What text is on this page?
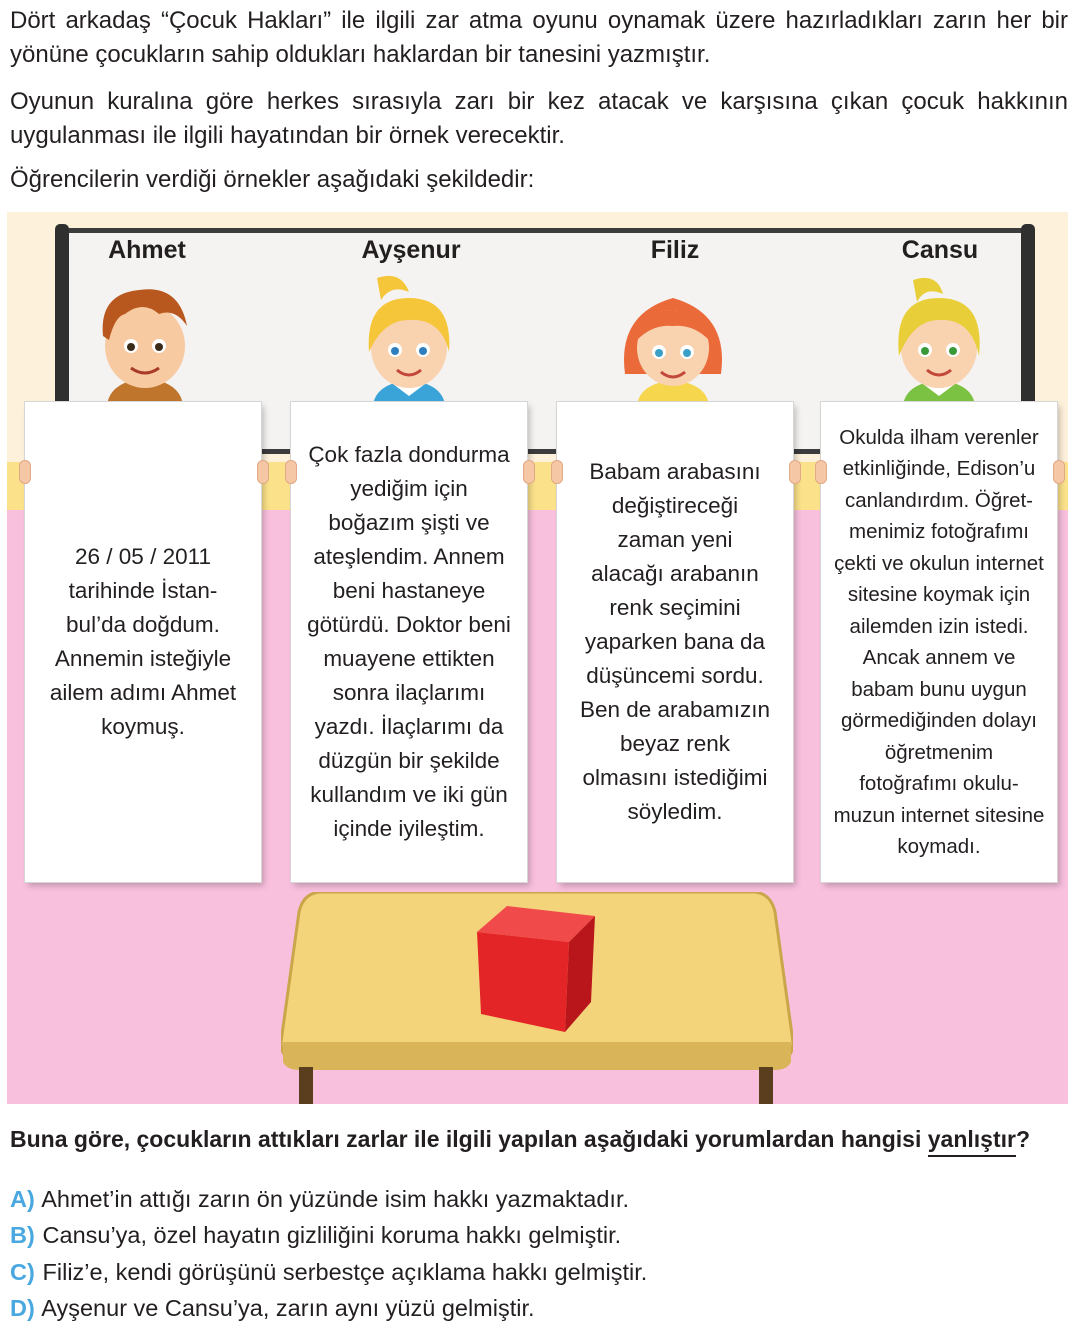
Dört arkadaş “Çocuk Hakları” ile ilgili zar atma oyunu oynamak üzere hazırladıkları zarın her bir yönüne çocukların sahip oldukları haklardan bir tanesini yazmıştır.

Oyunun kuralına göre herkes sırasıyla zarı bir kez atacak ve karşısına çıkan çocuk hakkının uygulanması ile ilgili hayatından bir örnek verecektir.

Öğrencilerin verdiği örnekler aşağıdaki şekildedir:

Ahmet	Ayşenur	Filiz	Cansu
26 / 05 / 2011
tarihinde İstan-
bul’da doğdum.
Annemin isteğiyle
ailem adımı Ahmet
koymuş.
Çok fazla dondurma
yediğim için
boğazım şişti ve
ateşlendim. Annem
beni hastaneye
götürdü. Doktor beni
muayene ettikten
sonra ilaçlarımı
yazdı. İlaçlarımı da
düzgün bir şekilde
kullandım ve iki gün
içinde iyileştim.
Babam arabasını
değiştireceği
zaman yeni
alacağı arabanın
renk seçimini
yaparken bana da
düşüncemi sordu.
Ben de arabamızın
beyaz renk
olmasını istediğimi
söyledim.
Okulda ilham verenler
etkinliğinde, Edison’u
canlandırdım. Öğret-
menimiz fotoğrafımı
çekti ve okulun internet
sitesine koymak için
ailemden izin istedi.
Ancak annem ve
babam bunu uygun
görmediğinden dolayı
öğretmenim
fotoğrafımı okulu-
muzun internet sitesine
koymadı.

Buna göre, çocukların attıkları zarlar ile ilgili yapılan aşağıdaki yorumlardan hangisi yanlıştır?

A) Ahmet’in attığı zarın ön yüzünde isim hakkı yazmaktadır.

B) Cansu’ya, özel hayatın gizliliğini koruma hakkı gelmiştir.

C) Filiz’e, kendi görüşünü serbestçe açıklama hakkı gelmiştir.

D) Ayşenur ve Cansu’ya, zarın aynı yüzü gelmiştir.
